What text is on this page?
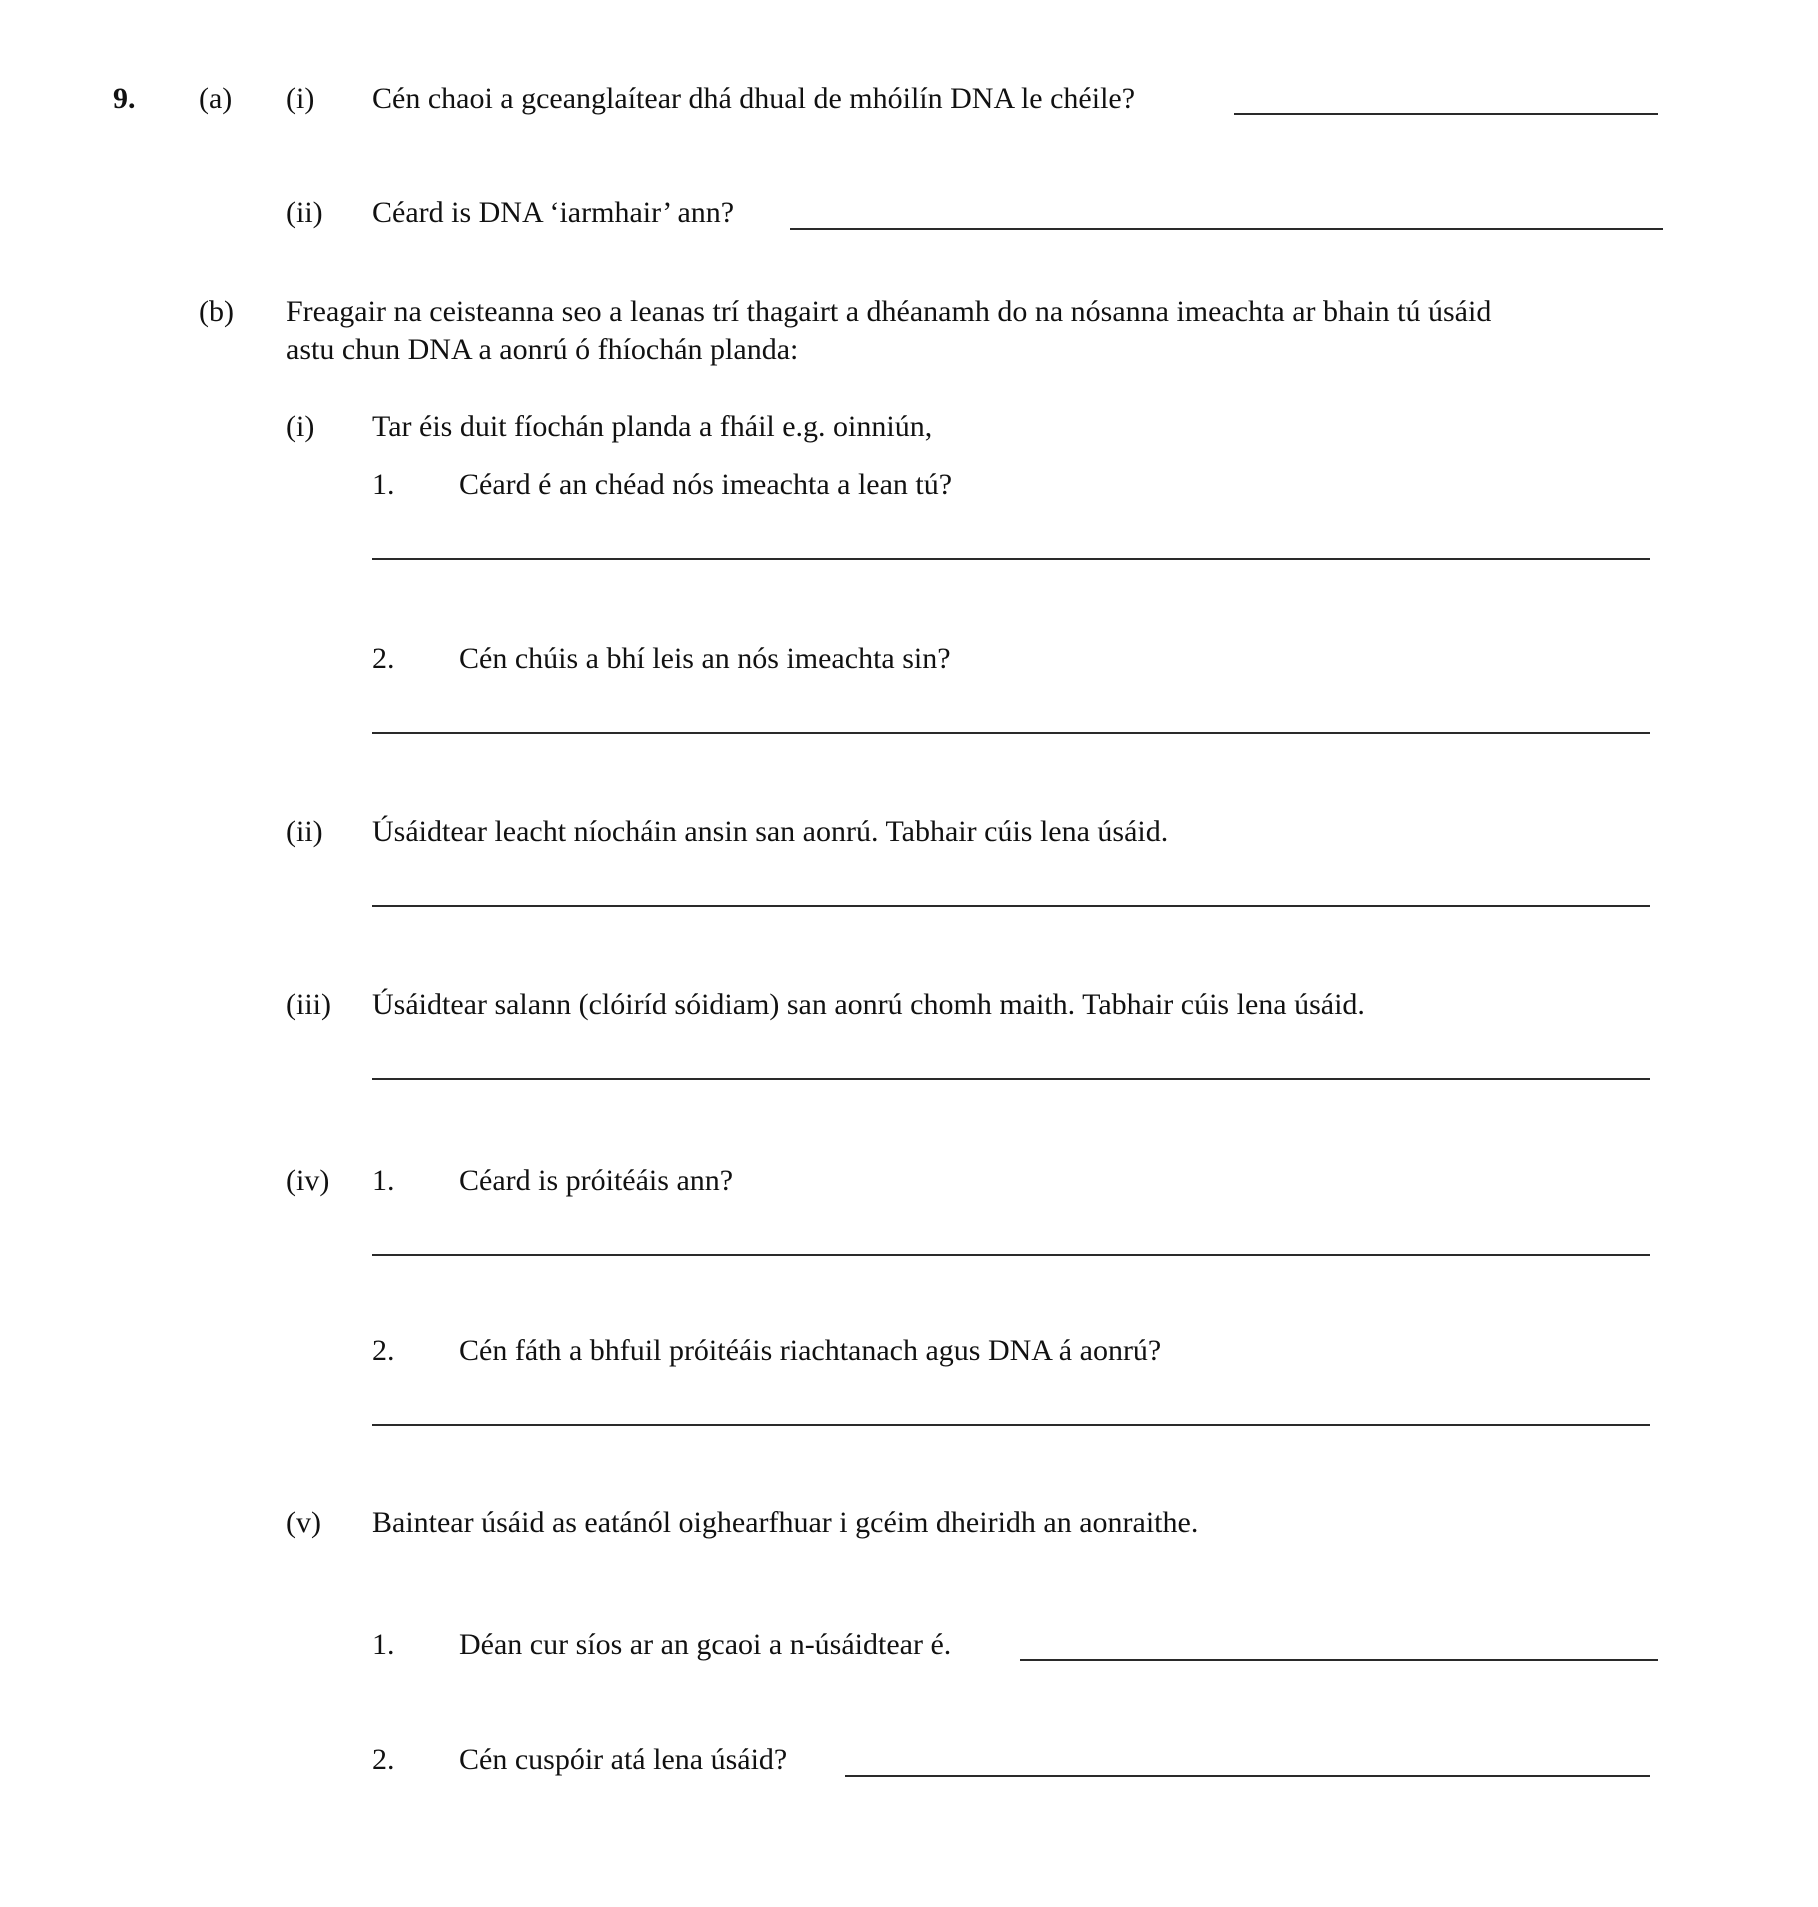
9. (a) (i) Cén chaoi a gceanglaítear dhá dhual de mhóilín DNA le chéile?
(ii) Céard is DNA ‘iarmhair’ ann?
(b) Freagair na ceisteanna seo a leanas trí thagairt a dhéanamh do na nósanna imeachta ar bhain tú úsáid
astu chun DNA a aonrú ó fhíochán planda:
(i) Tar éis duit fíochán planda a fháil e.g. oinniún,
1. Céard é an chéad nós imeachta a lean tú?
2. Cén chúis a bhí leis an nós imeachta sin?
(ii) Úsáidtear leacht níocháin ansin san aonrú. Tabhair cúis lena úsáid.
(iii) Úsáidtear salann (clóiríd sóidiam) san aonrú chomh maith. Tabhair cúis lena úsáid.
(iv) 1. Céard is próitéáis ann?
2. Cén fáth a bhfuil próitéáis riachtanach agus DNA á aonrú?
(v) Baintear úsáid as eatánól oighearfhuar i gcéim dheiridh an aonraithe.
1. Déan cur síos ar an gcaoi a n-úsáidtear é.
2. Cén cuspóir atá lena úsáid?
